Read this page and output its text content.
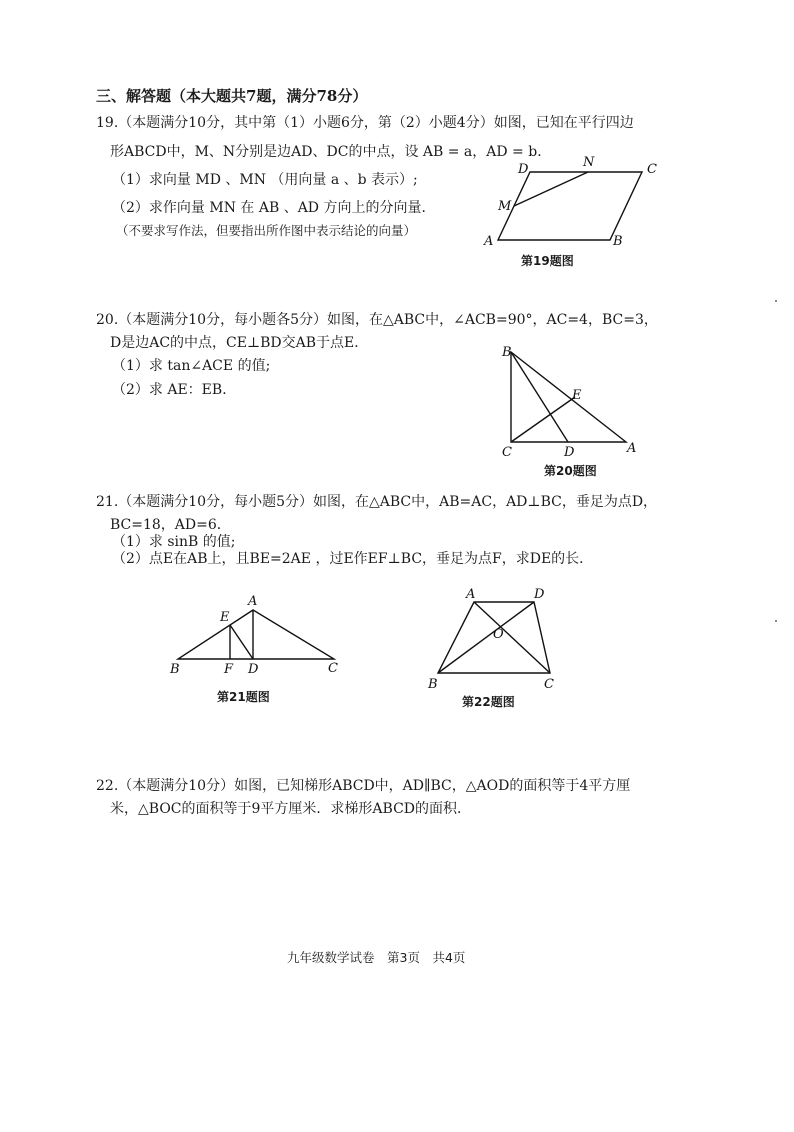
三、解答题（本大题共7题，满分78分）
19.（本题满分10分，其中第（1）小题6分，第（2）小题4分）如图，已知在平行四边
形ABCD中，M、N分别是边AD、DC的中点，设 AB = a，AD = b．
（1）求向量 MD 、MN （用向量 a 、b 表示）;
（2）求作向量 MN 在 AB 、AD 方向上的分向量．
（不要求写作法，但要指出所作图中表示结论的向量）
A	B
C
D
M
N
第19题图
20.（本题满分10分，每小题各5分）如图，在△ABC中，∠ACB=90°，AC=4，BC=3，
D是边AC的中点，CE⊥BD交AB于点E．
（1）求 tan∠ACE 的值;
（2）求 AE：EB．
B
C	D	A
E
第20题图
21.（本题满分10分，每小题5分）如图，在△ABC中，AB=AC，AD⊥BC，垂足为点D，
BC=18，AD=6．
（1）求 sinB 的值;
（2）点E在AB上，且BE=2AE ，过E作EF⊥BC，垂足为点F，求DE的长．
B	F D	C
A
E
第21题图
A	D
B	C
O
第22题图
22.（本题满分10分）如图，已知梯形ABCD中，AD∥BC，△AOD的面积等于4平方厘
米，△BOC的面积等于9平方厘米．求梯形ABCD的面积．
九年级数学试卷　第3页　共4页
